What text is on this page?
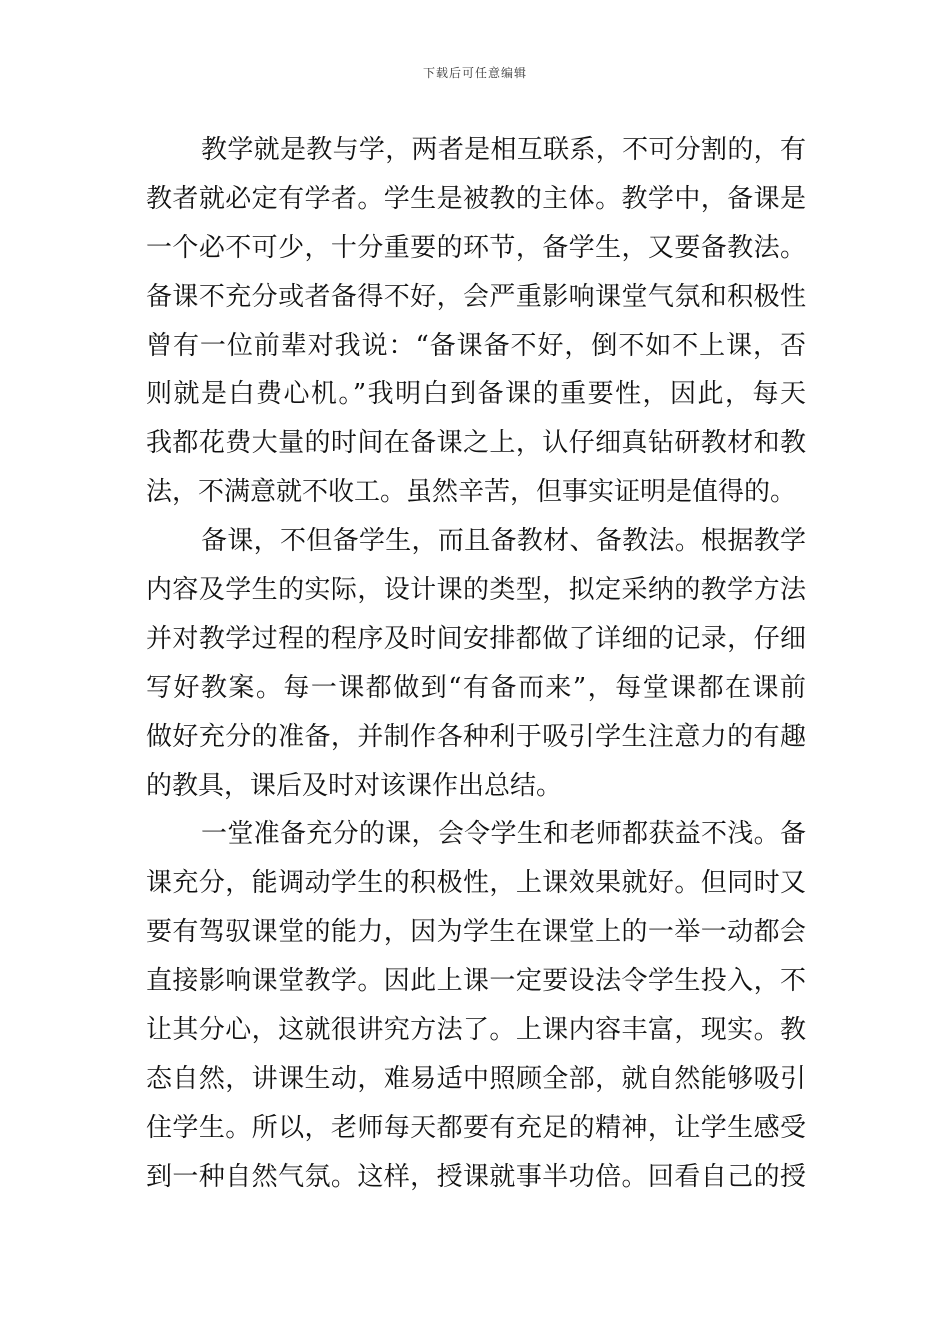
下载后可任意编辑
教学就是教与学，两者是相互联系，不可分割的，有
教者就必定有学者。学生是被教的主体。教学中，备课是
一个必不可少，十分重要的环节，备学生，又要备教法。
备课不充分或者备得不好，会严重影响课堂气氛和积极性
曾有一位前辈对我说：“备课备不好，倒不如不上课，否
则就是白费心机。”我明白到备课的重要性，因此，每天
我都花费大量的时间在备课之上，认仔细真钻研教材和教
法，不满意就不收工。虽然辛苦，但事实证明是值得的。
备课，不但备学生，而且备教材、备教法。根据教学
内容及学生的实际，设计课的类型，拟定采纳的教学方法
并对教学过程的程序及时间安排都做了详细的记录，仔细
写好教案。每一课都做到“有备而来”，每堂课都在课前
做好充分的准备，并制作各种利于吸引学生注意力的有趣
的教具，课后及时对该课作出总结。
一堂准备充分的课，会令学生和老师都获益不浅。备
课充分，能调动学生的积极性，上课效果就好。但同时又
要有驾驭课堂的能力，因为学生在课堂上的一举一动都会
直接影响课堂教学。因此上课一定要设法令学生投入，不
让其分心，这就很讲究方法了。上课内容丰富，现实。教
态自然，讲课生动，难易适中照顾全部，就自然能够吸引
住学生。所以，老师每天都要有充足的精神，让学生感受
到一种自然气氛。这样，授课就事半功倍。回看自己的授
